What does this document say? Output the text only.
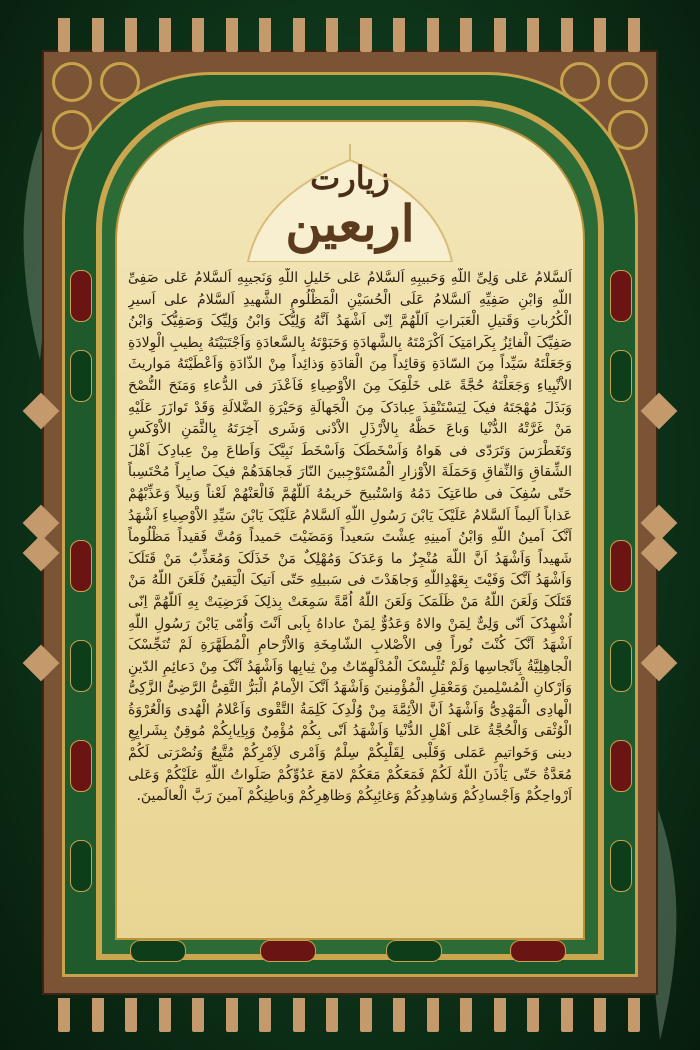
زیارت
اربعین
اَلسَّلامُ عَلی وَلِیِّ اللّهِ وَحَبیبِهِ اَلسَّلامُ عَلی خَلیلِ اللّهِ وَنَجیبِهِ اَلسَّلامُ عَلی صَفِیِّ اللّهِ وَابْنِ صَفِیِّهِ اَلسَّلامُ عَلَی الْحُسَیْنِ الْمَظْلُومِ الشَّهیدِ اَلسَّلامُ علی اَسیرِ الْکُرُباتِ وَقَتیلِ الْعَبَراتِ اَللّهُمَّ اِنّی اَشْهَدُ اَنَّهُ وَلِیُّکَ وَابْنُ وَلِیِّکَ وَصَفِیُّکَ وَابْنُ صَفِیِّکَ الْفائِزُ بِکَرامَتِکَ اَکْرَمْتَهُ بِالشَّهادَةِ وَحَبَوْتَهُ بِالسَّعادَةِ وَاَجْتَبَیْتَهُ بِطیبِ الْوِلادَةِ وَجَعَلْتَهُ سَیِّداً مِنَ السّادَةِ وَقائِداً مِنَ الْقادَةِ وَذائِداً مِنْ الذّادَةِ وَاَعْطَیْتَهُ مَواریثَ الاَْنْبِیاءِ وَجَعَلْتَهُ حُجَّةً عَلی خَلْقِکَ مِنَ الاَْوْصِیاءِ فَاَعْذَرَ فی الدُّعاءِ وَمَنَحَ النُّصْحَ وَبَذَلَ مُهْجَتَهُ فیکَ لِیَسْتَنْقِذَ عِبادَکَ مِنَ الْجَهالَةِ وَحَیْرَةِ الضَّلالَةِ وَقَدْ تَوازَرَ عَلَیْهِ مَنْ غَرَّتْهُ الدُّنْیا وَباعَ حَظَّهُ بِالاَْرْذَلِ الاَْدْنی وَشَری آخِرَتَهُ بِالثَّمَنِ الاَْوْکَسِ وَتَغَطْرَسَ وَتَرَدّی فی هَواهُ وَاَسْخَطَکَ وَاَسْخَطَ نَبِیَّکَ وَاَطاعَ مِنْ عِبادِکَ اَهْلَ الشِّقاقِ وَالنِّفاقِ وَحَمَلَةَ الاَْوْزارِ الْمُسْتَوْجِبینَ النّارَ فَجاهَدَهُمْ فیکَ صابِراً مُحْتَسِباً حَتّی سُفِکَ فی طاعَتِکَ دَمُهُ وَاسْتُبیحَ حَریمُهُ اَللّهُمَّ فَالْعَنْهُمْ لَعْناً وَبیلاً وَعَذِّبْهُمْ عَذاباً اَلیماً اَلسَّلامُ عَلَیْکَ یَابْنَ رَسُولِ اللّهِ اَلسَّلامُ عَلَیْکَ یَابْنَ سَیِّدِ الاَْوْصِیاءِ اَشْهَدُ اَنَّکَ اَمینُ اللّهِ وَابْنُ اَمینِهِ عِشْتَ سَعیداً وَمَضَیْتَ حَمیداً وَمُتَّ فَقیداً مَظْلُوماً شَهیداً وَاَشْهَدُ اَنَّ اللّهَ مُنْجِزٌ ما وَعَدَکَ وَمُهْلِکٌ مَنْ خَذَلَکَ وَمُعَذِّبٌ مَنْ قَتَلَکَ وَاَشْهَدُ اَنَّکَ وَفَیْتَ بِعَهْدِاللّهِ وَجاهَدْتَ فی سَبیلِهِ حَتّی اَتیکَ الْیَقینُ فَلَعَنَ اللّهُ مَنْ قَتَلَکَ وَلَعَنَ اللّهُ مَنْ ظَلَمَکَ وَلَعَنَ اللّهُ اُمَّةً سَمِعَتْ بِذلِکَ فَرَضِیَتْ بِهِ اَللّهُمَّ اِنّی اُشْهِدُکَ اَنّی وَلِیٌّ لِمَنْ والاهُ وَعَدُوٌّ لِمَنْ عاداهُ بِاَبی اَنْتَ وَاُمّی یَابْنَ رَسُولِ اللّهِ اَشْهَدُ اَنَّکَ کُنْتَ نُوراً فِی الاَْصْلابِ الشّامِخَةِ وَالاَْرْحامِ الْمُطَهَّرَةِ لَمْ تُنَجِّسْکَ الْجاهِلِیَّةُ بِاَنْجاسِها وَلَمْ تُلْبِسْکَ الْمُدْلَهِمّاتُ مِنْ ثِیابِها وَاَشْهَدُ اَنَّکَ مِنْ دَعائِمِ الدّینِ وَاَرْکانِ الْمُسْلِمینَ وَمَعْقِلِ الْمُؤْمِنینَ وَاَشْهَدُ اَنَّکَ الاِْمامُ الْبَرُّ التَّقِیُّ الرَّضِیُّ الزَّکِیُّ الْهادِی الْمَهْدِیُّ وَاَشْهَدُ اَنَّ الاَْئِمَّةَ مِنْ وُلْدِکَ کَلِمَةُ التَّقْوی وَاَعْلامُ الْهُدی وَالْعُرْوَةُ الْوُثْقی وَالْحُجَّةُ عَلی اَهْلِ الدُّنْیا وَاَشْهَدُ اَنّی بِکُمْ مُؤْمِنٌ وَبِاِیابِکُمْ مُوقِنٌ بِشَرایِعِ دینی وَخَواتیمِ عَمَلی وَقَلْبی لِقَلْبِکُمْ سِلْمٌ وَاَمْری لاَِمْرِکُمْ مُتَّبِعٌ وَنُصْرَتی لَکُمْ مُعَدَّةٌ حَتّی یَاْذَنَ اللّهُ لَکُمْ فَمَعَکُمْ مَعَکُمْ لامَعَ عَدُوِّکُمْ صَلَواتُ اللّهِ عَلَیْکُمْ وَعَلی اَرْواحِکُمْ وَاَجْسادِکُمْ وَشاهِدِکُمْ وَغائِبِکُمْ وَظاهِرِکُمْ وَباطِنِکُمْ آمینَ رَبَّ الْعالَمینَ.
